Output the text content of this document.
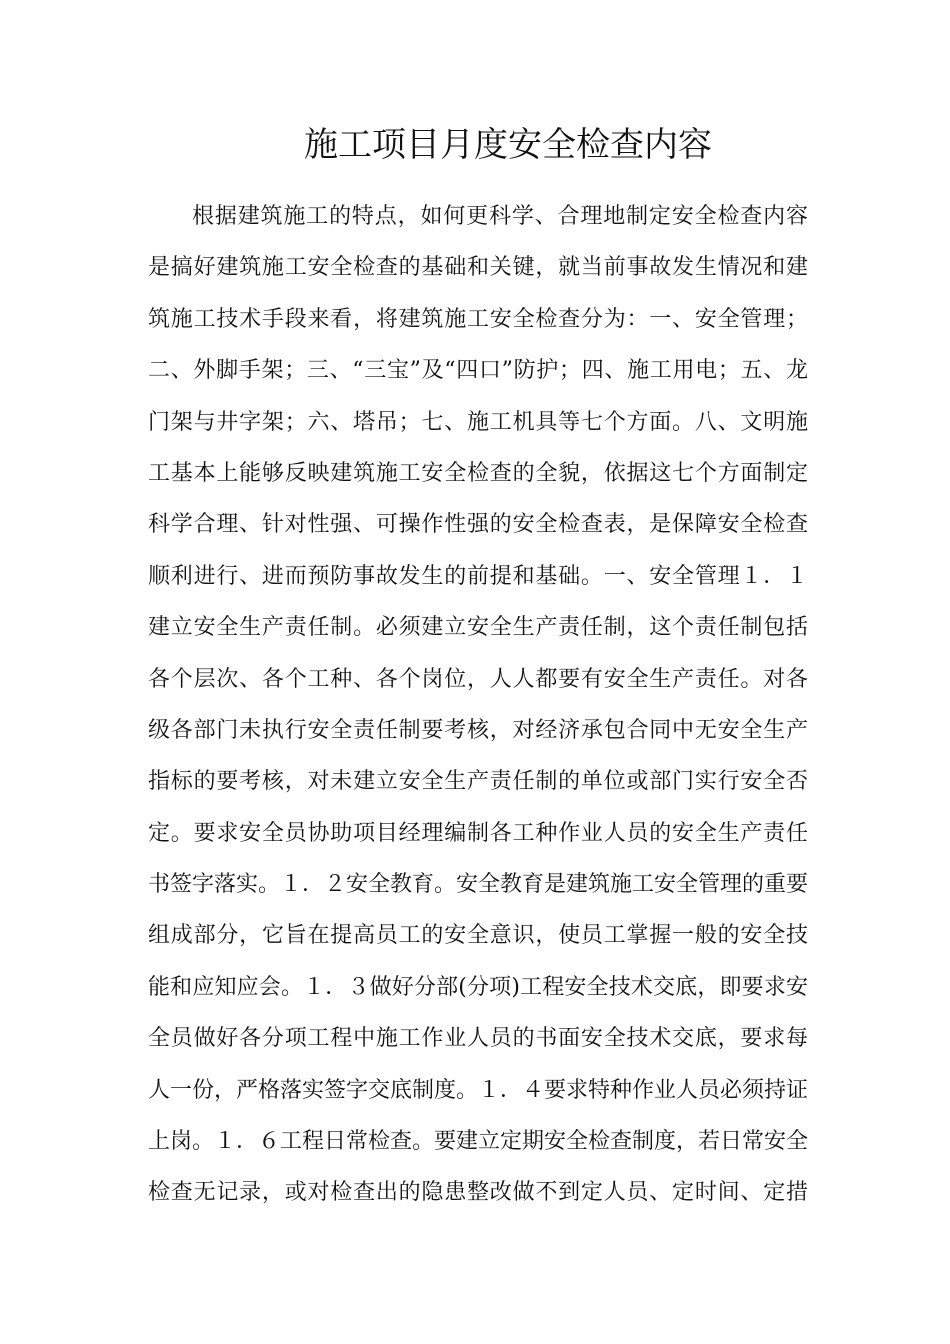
施工项目月度安全检查内容
根据建筑施工的特点，如何更科学、合理地制定安全检查内容
是搞好建筑施工安全检查的基础和关键，就当前事故发生情况和建
筑施工技术手段来看，将建筑施工安全检查分为：一、安全管理；
二、外脚手架；三、“三宝”及“四口”防护；四、施工用电；五、龙
门架与井字架；六、塔吊；七、施工机具等七个方面。八、文明施
工基本上能够反映建筑施工安全检查的全貌，依据这七个方面制定
科学合理、针对性强、可操作性强的安全检查表，是保障安全检查
顺利进行、进而预防事故发生的前提和基础。一、安全管理１．１
建立安全生产责任制。必须建立安全生产责任制，这个责任制包括
各个层次、各个工种、各个岗位，人人都要有安全生产责任。对各
级各部门未执行安全责任制要考核，对经济承包合同中无安全生产
指标的要考核，对未建立安全生产责任制的单位或部门实行安全否
定。要求安全员协助项目经理编制各工种作业人员的安全生产责任
书签字落实。１．２安全教育。安全教育是建筑施工安全管理的重要
组成部分，它旨在提高员工的安全意识，使员工掌握一般的安全技
能和应知应会。１．３做好分部(分项)工程安全技术交底，即要求安
全员做好各分项工程中施工作业人员的书面安全技术交底，要求每
人一份，严格落实签字交底制度。１．４要求特种作业人员必须持证
上岗。１．６工程日常检查。要建立定期安全检查制度，若日常安全
检查无记录，或对检查出的隐患整改做不到定人员、定时间、定措
